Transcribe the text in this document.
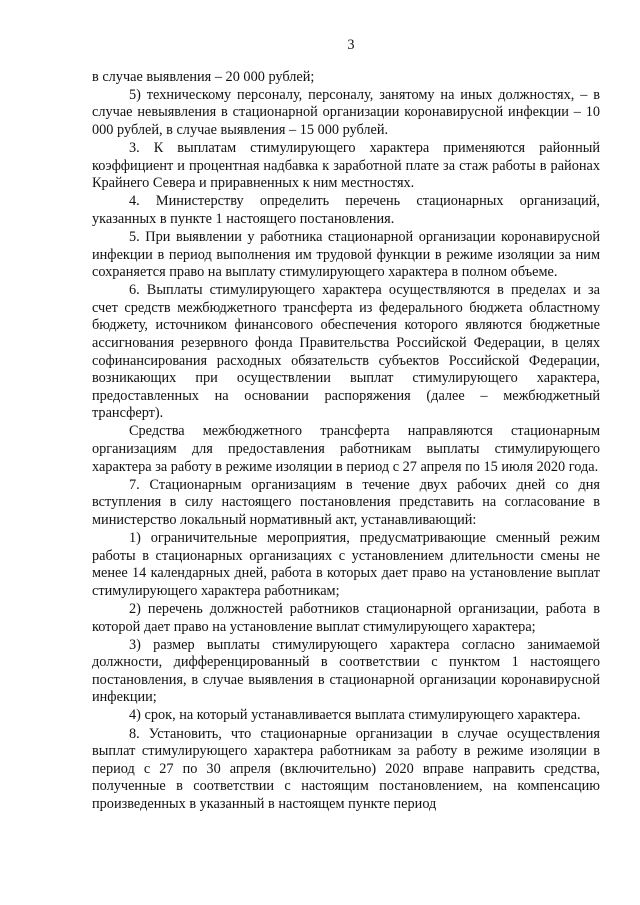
3

в случае выявления – 20 000 рублей;

5) техническому персоналу, персоналу, занятому на иных должностях, – в случае невыявления в стационарной организации коронавирусной инфекции – 10 000 рублей, в случае выявления – 15 000 рублей.

3. К выплатам стимулирующего характера применяются районный коэффициент и процентная надбавка к заработной плате за стаж работы в районах Крайнего Севера и приравненных к ним местностях.

4. Министерству определить перечень стационарных организаций, указанных в пункте 1 настоящего постановления.

5. При выявлении у работника стационарной организации коронавирусной инфекции в период выполнения им трудовой функции в режиме изоляции за ним сохраняется право на выплату стимулирующего характера в полном объеме.

6. Выплаты стимулирующего характера осуществляются в пределах и за счет средств межбюджетного трансферта из федерального бюджета областному бюджету, источником финансового обеспечения которого являются бюджетные ассигнования резервного фонда Правительства Российской Федерации, в целях софинансирования расходных обязательств субъектов Российской Федерации, возникающих при осуществлении выплат стимулирующего характера, предоставленных на основании распоряжения (далее – межбюджетный трансферт).

Средства межбюджетного трансферта направляются стационарным организациям для предоставления работникам выплаты стимулирующего характера за работу в режиме изоляции в период с 27 апреля по 15 июля 2020 года.

7. Стационарным организациям в течение двух рабочих дней со дня вступления в силу настоящего постановления представить на согласование в министерство локальный нормативный акт, устанавливающий:

1) ограничительные мероприятия, предусматривающие сменный режим работы в стационарных организациях с установлением длительности смены не менее 14 календарных дней, работа в которых дает право на установление выплат стимулирующего характера работникам;

2) перечень должностей работников стационарной организации, работа в которой дает право на установление выплат стимулирующего характера;

3) размер выплаты стимулирующего характера согласно занимаемой должности, дифференцированный в соответствии с пунктом 1 настоящего постановления, в случае выявления в стационарной организации коронавирусной инфекции;

4) срок, на который устанавливается выплата стимулирующего характера.

8. Установить, что стационарные организации в случае осуществления выплат стимулирующего характера работникам за работу в режиме изоляции в период с 27 по 30 апреля (включительно) 2020 вправе направить средства, полученные в соответствии с настоящим постановлением, на компенсацию произведенных в указанный в настоящем пункте период
